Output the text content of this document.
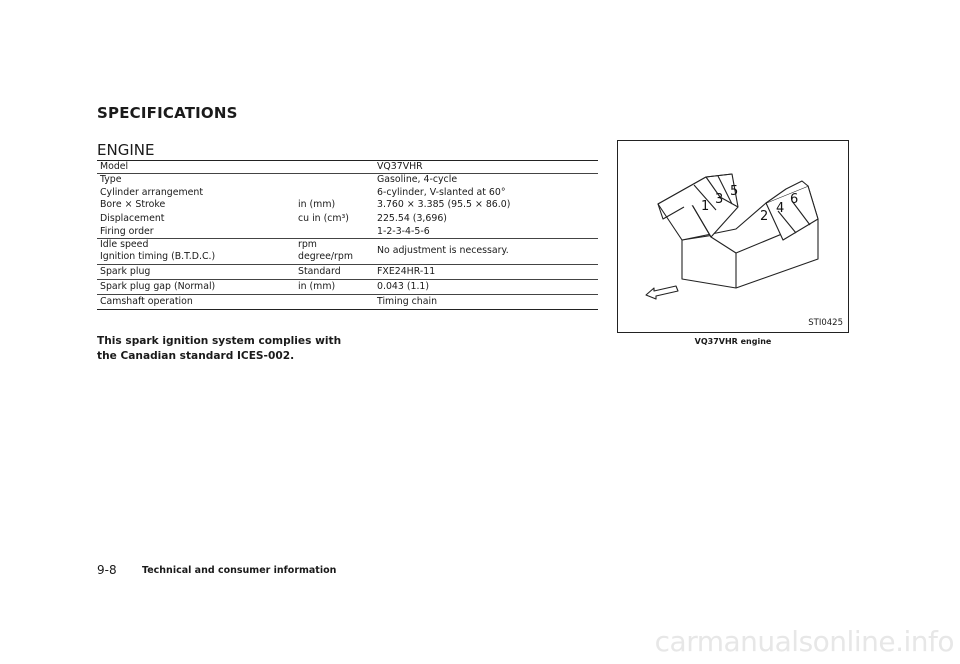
SPECIFICATIONS
ENGINE
Model		VQ37VHR
Type		Gasoline, 4-cycle
Cylinder arrangement		6-cylinder, V-slanted at 60°
Bore × Stroke	in (mm)	3.760 × 3.385 (95.5 × 86.0)
Displacement	cu in (cm³)	225.54 (3,696)
Firing order		1-2-3-4-5-6
Idle speed	rpm	No adjustment is necessary.
Ignition timing (B.T.D.C.)	degree/rpm	
Spark plug	Standard	FXE24HR-11
Spark plug gap (Normal)	in (mm)	0.043 (1.1)
Camshaft operation		Timing chain
This spark ignition system complies with the Canadian standard ICES-002.
1 3
5
2
4
6
STI0425
VQ37VHR engine
9-8	Technical and consumer information
carmanualsonline.info
